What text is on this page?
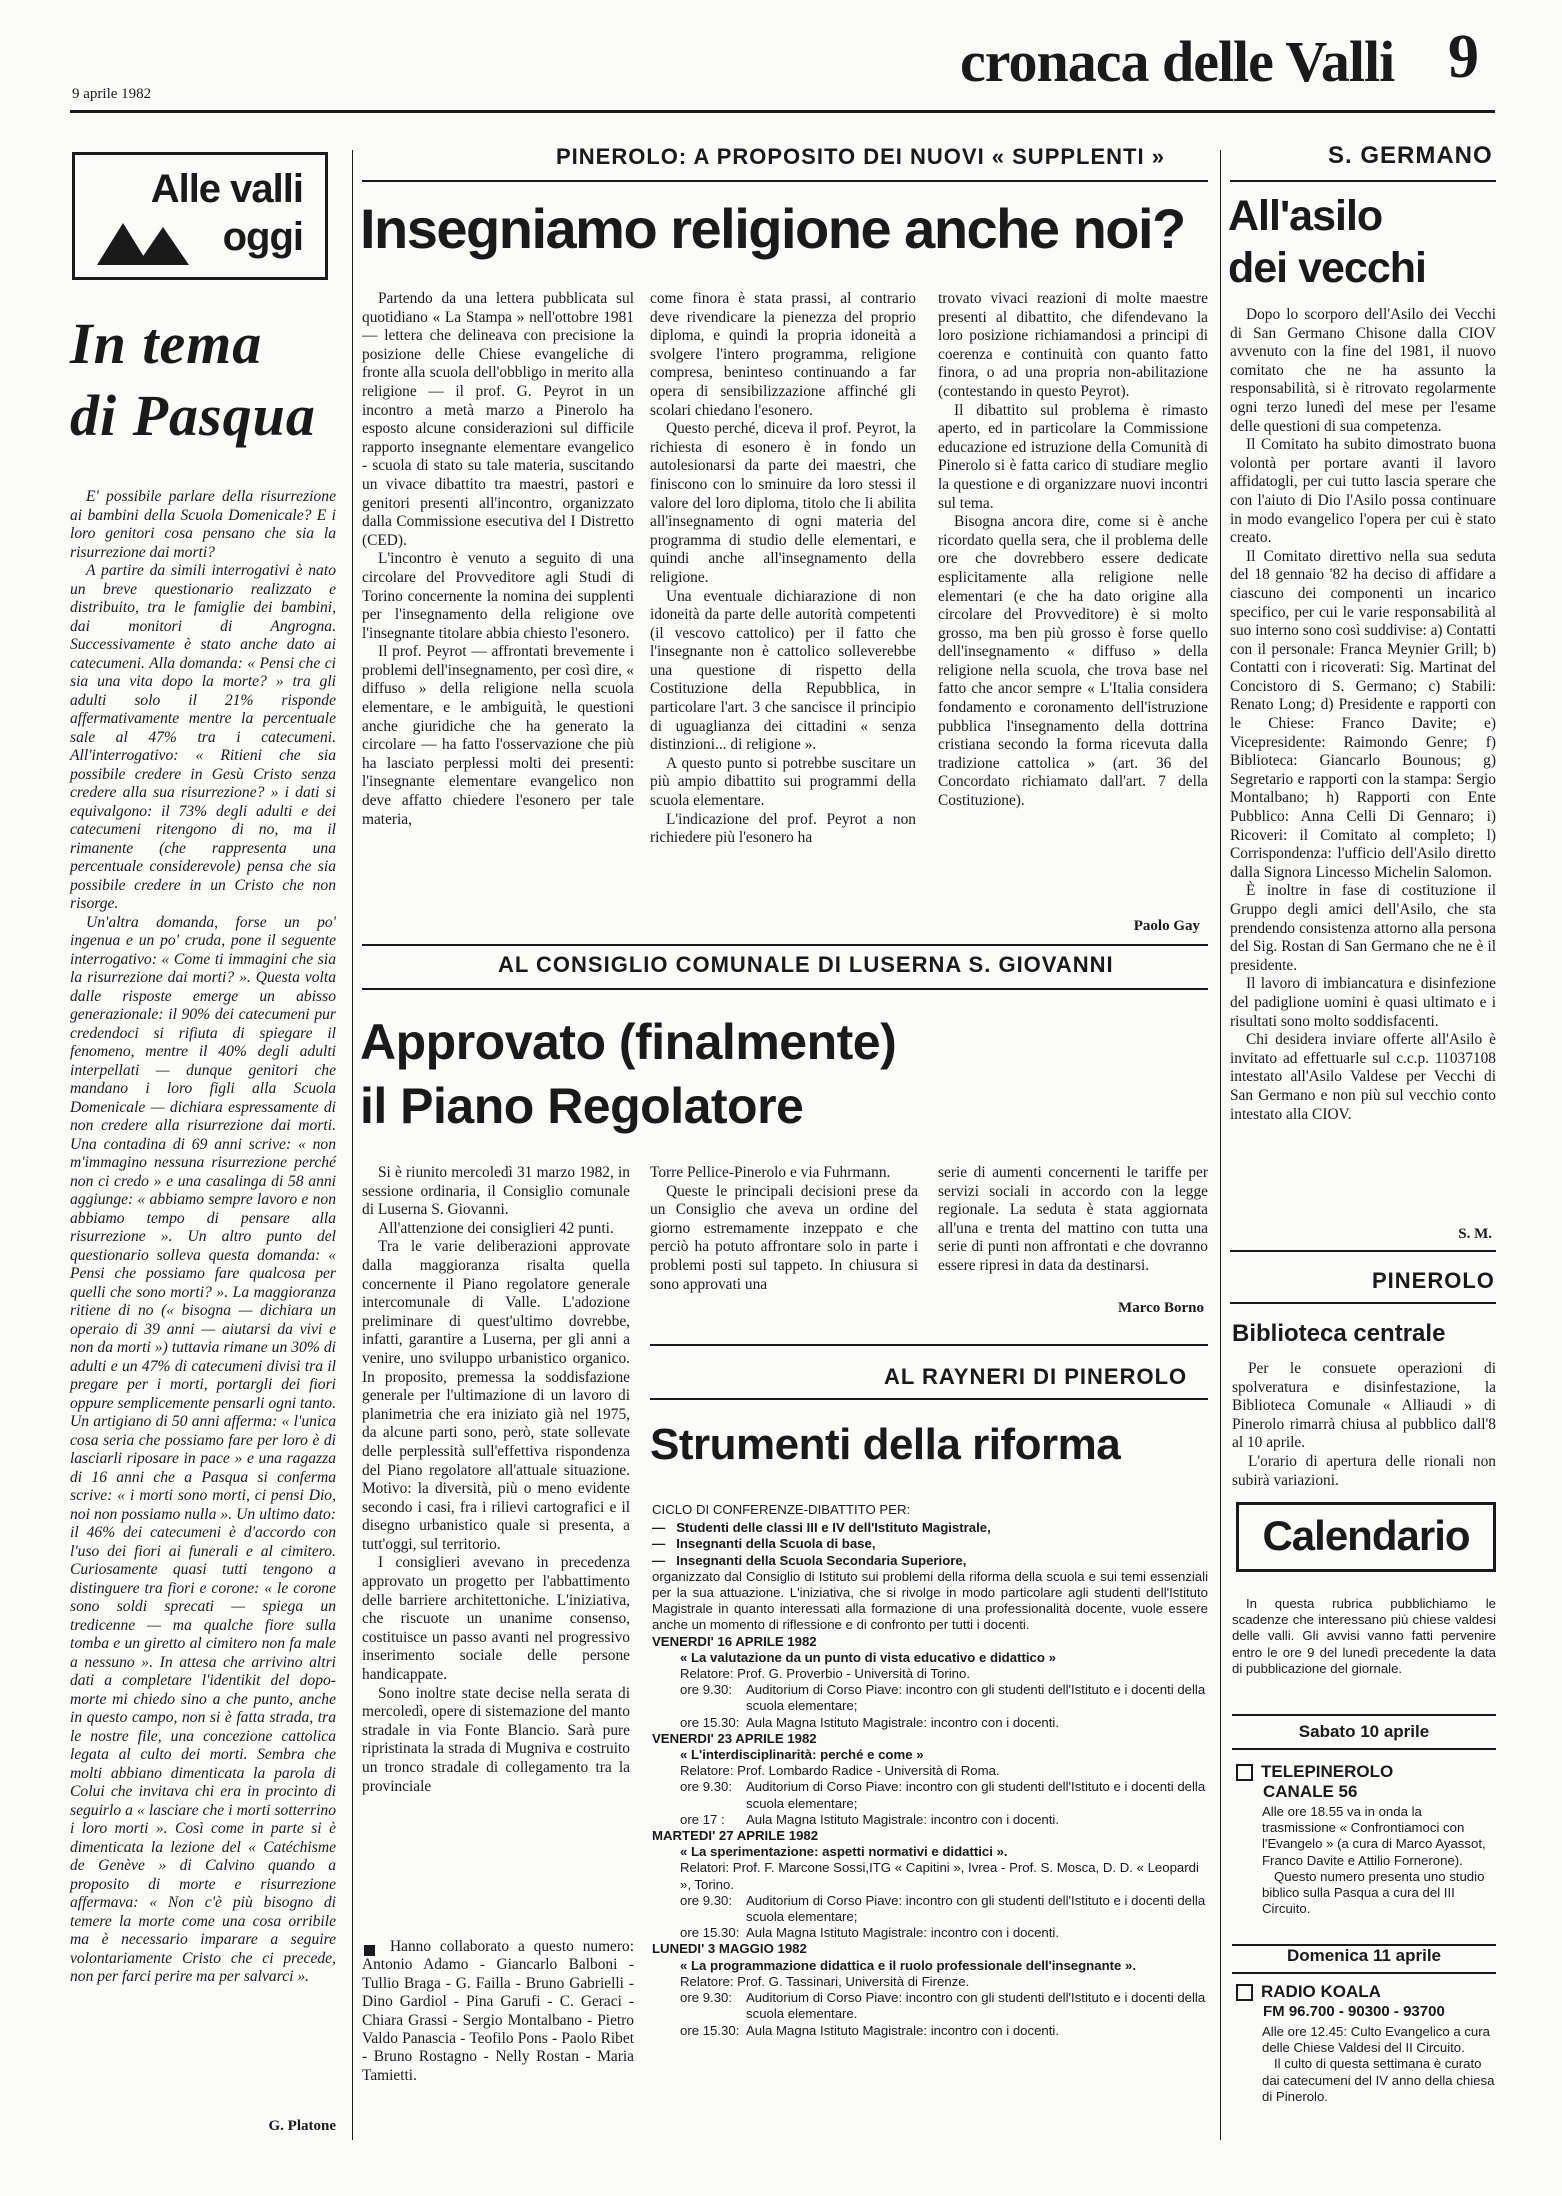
9 aprile 1982	cronaca delle Valli 9
Alle valli
oggi
In tema
di Pasqua

E' possibile parlare della risurrezione ai bambini della Scuola Domenicale? E i loro genitori cosa pensano che sia la risurrezione dai morti?

A partire da simili interrogativi è nato un breve questionario realizzato e distribuito, tra le famiglie dei bambini, dai monitori di Angrogna. Successivamente è stato anche dato ai catecumeni. Alla domanda: « Pensi che ci sia una vita dopo la morte? » tra gli adulti solo il 21% risponde affermativamente mentre la percentuale sale al 47% tra i catecumeni. All'interrogativo: « Ritieni che sia possibile credere in Gesù Cristo senza credere alla sua risurrezione? » i dati si equivalgono: il 73% degli adulti e dei catecumeni ritengono di no, ma il rimanente (che rappresenta una percentuale considerevole) pensa che sia possibile credere in un Cristo che non risorge.

Un'altra domanda, forse un po' ingenua e un po' cruda, pone il seguente interrogativo: « Come ti immagini che sia la risurrezione dai morti? ». Questa volta dalle risposte emerge un abisso generazionale: il 90% dei catecumeni pur credendoci si rifiuta di spiegare il fenomeno, mentre il 40% degli adulti interpellati — dunque genitori che mandano i loro figli alla Scuola Domenicale — dichiara espressamente di non credere alla risurrezione dai morti. Una contadina di 69 anni scrive: « non m'immagino nessuna risurrezione perché non ci credo » e una casalinga di 58 anni aggiunge: « abbiamo sempre lavoro e non abbiamo tempo di pensare alla risurrezione ». Un altro punto del questionario solleva questa domanda: « Pensi che possiamo fare qualcosa per quelli che sono morti? ». La maggioranza ritiene di no (« bisogna — dichiara un operaio di 39 anni — aiutarsi da vivi e non da morti ») tuttavia rimane un 30% di adulti e un 47% di catecumeni divisi tra il pregare per i morti, portargli dei fiori oppure semplicemente pensarli ogni tanto. Un artigiano di 50 anni afferma: « l'unica cosa seria che possiamo fare per loro è di lasciarli riposare in pace » e una ragazza di 16 anni che a Pasqua si conferma scrive: « i morti sono morti, ci pensi Dio, noi non possiamo nulla ». Un ultimo dato: il 46% dei catecumeni è d'accordo con l'uso dei fiori ai funerali e al cimitero. Curiosamente quasi tutti tengono a distinguere tra fiori e corone: « le corone sono soldi sprecati — spiega un tredicenne — ma qualche fiore sulla tomba e un giretto al cimitero non fa male a nessuno ». In attesa che arrivino altri dati a completare l'identikit del dopo-morte mi chiedo sino a che punto, anche in questo campo, non si è fatta strada, tra le nostre file, una concezione cattolica legata al culto dei morti. Sembra che molti abbiano dimenticata la parola di Colui che invitava chi era in procinto di seguirlo a « lasciare che i morti sotterrino i loro morti ». Così come in parte si è dimenticata la lezione del « Catéchisme de Genève » di Calvino quando a proposito di morte e risurrezione affermava: « Non c'è più bisogno di temere la morte come una cosa orribile ma è necessario imparare a seguire volontariamente Cristo che ci precede, non per farci perire ma per salvarci ».

G. Platone
PINEROLO: A PROPOSITO DEI NUOVI « SUPPLENTI »
Insegniamo religione anche noi?

Partendo da una lettera pubblicata sul quotidiano « La Stampa » nell'ottobre 1981 — lettera che delineava con precisione la posizione delle Chiese evangeliche di fronte alla scuola dell'obbligo in merito alla religione — il prof. G. Peyrot in un incontro a metà marzo a Pinerolo ha esposto alcune considerazioni sul difficile rapporto insegnante elementare evangelico - scuola di stato su tale materia, suscitando un vivace dibattito tra maestri, pastori e genitori presenti all'incontro, organizzato dalla Commissione esecutiva del I Distretto (CED).

L'incontro è venuto a seguito di una circolare del Provveditore agli Studi di Torino concernente la nomina dei supplenti per l'insegnamento della religione ove l'insegnante titolare abbia chiesto l'esonero.

Il prof. Peyrot — affrontati brevemente i problemi dell'insegnamento, per così dire, « diffuso » della religione nella scuola elementare, e le ambiguità, le questioni anche giuridiche che ha generato la circolare — ha fatto l'osservazione che più ha lasciato perplessi molti dei presenti: l'insegnante elementare evangelico non deve affatto chiedere l'esonero per tale materia,

come finora è stata prassi, al contrario deve rivendicare la pienezza del proprio diploma, e quindi la propria idoneità a svolgere l'intero programma, religione compresa, beninteso continuando a far opera di sensibilizzazione affinché gli scolari chiedano l'esonero.

Questo perché, diceva il prof. Peyrot, la richiesta di esonero è in fondo un autolesionarsi da parte dei maestri, che finiscono con lo sminuire da loro stessi il valore del loro diploma, titolo che li abilita all'insegnamento di ogni materia del programma di studio delle elementari, e quindi anche all'insegnamento della religione.

Una eventuale dichiarazione di non idoneità da parte delle autorità competenti (il vescovo cattolico) per il fatto che l'insegnante non è cattolico solleverebbe una questione di rispetto della Costituzione della Repubblica, in particolare l'art. 3 che sancisce il principio di uguaglianza dei cittadini « senza distinzioni... di religione ».

A questo punto si potrebbe suscitare un più ampio dibattito sui programmi della scuola elementare.

L'indicazione del prof. Peyrot a non richiedere più l'esonero ha

trovato vivaci reazioni di molte maestre presenti al dibattito, che difendevano la loro posizione richiamandosi a principi di coerenza e continuità con quanto fatto finora, o ad una propria non-abilitazione (contestando in questo Peyrot).

Il dibattito sul problema è rimasto aperto, ed in particolare la Commissione educazione ed istruzione della Comunità di Pinerolo si è fatta carico di studiare meglio la questione e di organizzare nuovi incontri sul tema.

Bisogna ancora dire, come si è anche ricordato quella sera, che il problema delle ore che dovrebbero essere dedicate esplicitamente alla religione nelle elementari (e che ha dato origine alla circolare del Provveditore) è si molto grosso, ma ben più grosso è forse quello dell'insegnamento « diffuso » della religione nella scuola, che trova base nel fatto che ancor sempre « L'Italia considera fondamento e coronamento dell'istruzione pubblica l'insegnamento della dottrina cristiana secondo la forma ricevuta dalla tradizione cattolica » (art. 36 del Concordato richiamato dall'art. 7 della Costituzione).

Paolo Gay
S. GERMANO
All'asilo
dei vecchi

Dopo lo scorporo dell'Asilo dei Vecchi di San Germano Chisone dalla CIOV avvenuto con la fine del 1981, il nuovo comitato che ne ha assunto la responsabilità, si è ritrovato regolarmente ogni terzo lunedì del mese per l'esame delle questioni di sua competenza.

Il Comitato ha subito dimostrato buona volontà per portare avanti il lavoro affidatogli, per cui tutto lascia sperare che con l'aiuto di Dio l'Asilo possa continuare in modo evangelico l'opera per cui è stato creato.

Il Comitato direttivo nella sua seduta del 18 gennaio '82 ha deciso di affidare a ciascuno dei componenti un incarico specifico, per cui le varie responsabilità al suo interno sono così suddivise: a) Contatti con il personale: Franca Meynier Grill; b) Contatti con i ricoverati: Sig. Martinat del Concistoro di S. Germano; c) Stabili: Renato Long; d) Presidente e rapporti con le Chiese: Franco Davite; e) Vicepresidente: Raimondo Genre; f) Biblioteca: Giancarlo Bounous; g) Segretario e rapporti con la stampa: Sergio Montalbano; h) Rapporti con Ente Pubblico: Anna Celli Di Gennaro; i) Ricoveri: il Comitato al completo; l) Corrispondenza: l'ufficio dell'Asilo diretto dalla Signora Lincesso Michelin Salomon.

È inoltre in fase di costituzione il Gruppo degli amici dell'Asilo, che sta prendendo consistenza attorno alla persona del Sig. Rostan di San Germano che ne è il presidente.

Il lavoro di imbiancatura e disinfezione del padiglione uomini è quasi ultimato e i risultati sono molto soddisfacenti.

Chi desidera inviare offerte all'Asilo è invitato ad effettuarle sul c.c.p. 11037108 intestato all'Asilo Valdese per Vecchi di San Germano e non più sul vecchio conto intestato alla CIOV.

S. M.
AL CONSIGLIO COMUNALE DI LUSERNA S. GIOVANNI
Approvato (finalmente)
il Piano Regolatore

Si è riunito mercoledì 31 marzo 1982, in sessione ordinaria, il Consiglio comunale di Luserna S. Giovanni.

All'attenzione dei consiglieri 42 punti.

Tra le varie deliberazioni approvate dalla maggioranza risalta quella concernente il Piano regolatore generale intercomunale di Valle. L'adozione preliminare di quest'ultimo dovrebbe, infatti, garantire a Luserna, per gli anni a venire, uno sviluppo urbanistico organico. In proposito, premessa la soddisfazione generale per l'ultimazione di un lavoro di planimetria che era iniziato già nel 1975, da alcune parti sono, però, state sollevate delle perplessità sull'effettiva rispondenza del Piano regolatore all'attuale situazione. Motivo: la diversità, più o meno evidente secondo i casi, fra i rilievi cartografici e il disegno urbanistico quale si presenta, a tutt'oggi, sul territorio.

I consiglieri avevano in precedenza approvato un progetto per l'abbattimento delle barriere architettoniche. L'iniziativa, che riscuote un unanime consenso, costituisce un passo avanti nel progressivo inserimento sociale delle persone handicappate.

Sono inoltre state decise nella serata di mercoledì, opere di sistemazione del manto stradale in via Fonte Blancio. Sarà pure ripristinata la strada di Mugniva e costruito un tronco stradale di collegamento tra la provinciale

Torre Pellice-Pinerolo e via Fuhrmann.

Queste le principali decisioni prese da un Consiglio che aveva un ordine del giorno estremamente inzeppato e che perciò ha potuto affrontare solo in parte i problemi posti sul tappeto. In chiusura si sono approvati una

serie di aumenti concernenti le tariffe per servizi sociali in accordo con la legge regionale. La seduta è stata aggiornata all'una e trenta del mattino con tutta una serie di punti non affrontati e che dovranno essere ripresi in data da destinarsi.

Marco Borno

Hanno collaborato a questo numero: Antonio Adamo - Giancarlo Balboni - Tullio Braga - G. Failla - Bruno Gabrielli - Dino Gardiol - Pina Garufi - C. Geraci - Chiara Grassi - Sergio Montalbano - Pietro Valdo Panascia - Teofilo Pons - Paolo Ribet - Bruno Rostagno - Nelly Rostan - Maria Tamietti.

AL RAYNERI DI PINEROLO
Strumenti della riforma

CICLO DI CONFERENZE-DIBATTITO PER:

—   Studenti delle classi III e IV dell'Istituto Magistrale,

—   Insegnanti della Scuola di base,

—   Insegnanti della Scuola Secondaria Superiore,

organizzato dal Consiglio di Istituto sui problemi della riforma della scuola e sui temi essenziali per la sua attuazione. L'iniziativa, che si rivolge in modo particolare agli studenti dell'Istituto Magistrale in quanto interessati alla formazione di una professionalità docente, vuole essere anche un momento di riflessione e di confronto per tutti i docenti.

VENERDI' 16 APRILE 1982

« La valutazione da un punto di vista educativo e didattico »

Relatore: Prof. G. Proverbio - Università di Torino.

ore 9.30:	Auditorium di Corso Piave: incontro con gli studenti dell'Istituto e i docenti della scuola elementare;
ore 15.30: Aula Magna Istituto Magistrale: incontro con i docenti.

VENERDI' 23 APRILE 1982

« L'interdisciplinarità: perché e come »

Relatore: Prof. Lombardo Radice - Università di Roma.

ore 9.30:	Auditorium di Corso Piave: incontro con gli studenti dell'Istituto e i docenti della scuola elementare;
ore 17 :	Aula Magna Istituto Magistrale: incontro con i docenti.

MARTEDI' 27 APRILE 1982

« La sperimentazione: aspetti normativi e didattici ».

Relatori: Prof. F. Marcone Sossi,ITG « Capitini », Ivrea - Prof. S. Mosca, D. D. « Leopardi », Torino.

ore 9.30:	Auditorium di Corso Piave: incontro con gli studenti dell'Istituto e i docenti della scuola elementare;
ore 15.30: Aula Magna Istituto Magistrale: incontro con i docenti.

LUNEDI' 3 MAGGIO 1982

« La programmazione didattica e il ruolo professionale dell'insegnante ».

Relatore: Prof. G. Tassinari, Università di Firenze.

ore 9.30:	Auditorium di Corso Piave: incontro con gli studenti dell'Istituto e i docenti della scuola elementare.
ore 15.30: Aula Magna Istituto Magistrale: incontro con i docenti.
PINEROLO
Biblioteca centrale

Per le consuete operazioni di spolveratura e disinfestazione, la Biblioteca Comunale « Alliaudi » di Pinerolo rimarrà chiusa al pubblico dall'8 al 10 aprile.

L'orario di apertura delle rionali non subirà variazioni.

Calendario
In questa rubrica pubblichiamo le scadenze che interessano più chiese valdesi delle valli. Gli avvisi vanno fatti pervenire entro le ore 9 del lunedì precedente la data di pubblicazione del giornale.
Sabato 10 aprile
TELEPINEROLO
CANALE 56

Alle ore 18.55 va in onda la trasmissione « Confrontiamoci con l'Evangelo » (a cura di Marco Ayassot, Franco Davite e Attilio Fornerone).

Questo numero presenta uno studio biblico sulla Pasqua a cura del III Circuito.

Domenica 11 aprile
RADIO KOALA
FM 96.700 - 90300 - 93700

Alle ore 12.45: Culto Evangelico a cura delle Chiese Valdesi del II Circuito.

Il culto di questa settimana è curato dai catecumeni del IV anno della chiesa di Pinerolo.
